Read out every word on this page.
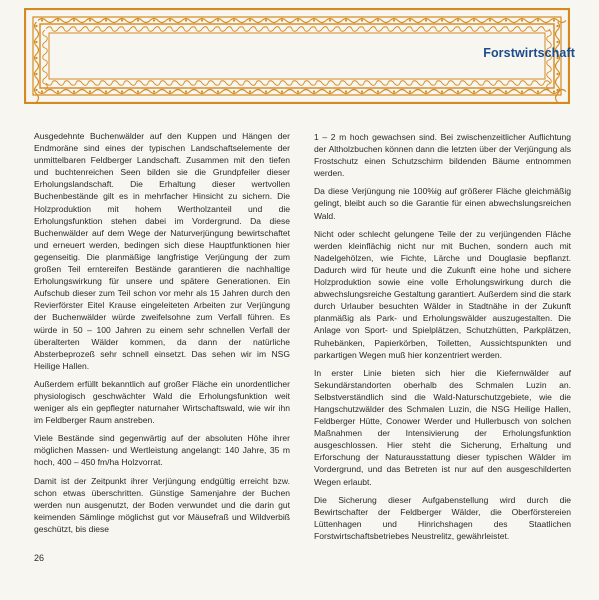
Forstwirtschaft

Ausgedehnte Buchenwälder auf den Kuppen und Hängen der Endmoräne sind eines der typischen Landschaftselemente der unmittelbaren Feldberger Landschaft. Zusammen mit den tiefen und buchtenreichen Seen bilden sie die Grundpfeiler dieser Erholungslandschaft. Die Erhaltung dieser wertvollen Buchenbestände gilt es in mehrfacher Hinsicht zu sichern. Die Holzproduktion mit hohem Wertholzanteil und die Erholungsfunktion stehen dabei im Vordergrund. Da diese Buchenwälder auf dem Wege der Naturverjüngung bewirtschaftet und erneuert werden, bedingen sich diese Hauptfunktionen hier gegenseitig. Die planmäßige langfristige Verjüngung der zum großen Teil erntereifen Bestände garantieren die nachhaltige Erholungswirkung für unsere und spätere Generationen. Ein Aufschub dieser zum Teil schon vor mehr als 15 Jahren durch den Revierförster Eitel Krause eingeleiteten Arbeiten zur Verjüngung der Buchenwälder würde zweifelsohne zum Verfall führen. Es würde in 50 – 100 Jahren zu einem sehr schnellen Verfall der überalterten Wälder kommen, da dann der natürliche Absterbeprozeß sehr schnell einsetzt. Das sehen wir im NSG Heilige Hallen.

Außerdem erfüllt bekanntlich auf großer Fläche ein unordentlicher physiologisch geschwächter Wald die Erholungsfunktion weit weniger als ein gepflegter naturnaher Wirtschaftswald, wie wir ihn im Feldberger Raum anstreben.

Viele Bestände sind gegenwärtig auf der absoluten Höhe ihrer möglichen Massen- und Wertleistung angelangt: 140 Jahre, 35 m hoch, 400 – 450 fm/ha Holzvorrat.

Damit ist der Zeitpunkt ihrer Verjüngung endgültig erreicht bzw. schon etwas überschritten. Günstige Samenjahre der Buchen werden nun ausgenutzt, der Boden verwundet und die darin gut keimenden Sämlinge möglichst gut vor Mäusefraß und Wildverbiß geschützt, bis diese

1 – 2 m hoch gewachsen sind. Bei zwischenzeitlicher Auflichtung der Altholzbuchen können dann die letzten über der Verjüngung als Frostschutz einen Schutzschirm bildenden Bäume entnommen werden.

Da diese Verjüngung nie 100%ig auf größerer Fläche gleichmäßig gelingt, bleibt auch so die Garantie für einen abwechslungsreichen Wald.

Nicht oder schlecht gelungene Teile der zu verjüngenden Fläche werden kleinflächig nicht nur mit Buchen, sondern auch mit Nadelgehölzen, wie Fichte, Lärche und Douglasie bepflanzt. Dadurch wird für heute und die Zukunft eine hohe und sichere Holzproduktion sowie eine volle Erholungswirkung durch die abwechslungsreiche Gestaltung garantiert. Außerdem sind die stark durch Urlauber besuchten Wälder in Stadtnähe in der Zukunft planmäßig als Park- und Erholungswälder auszugestalten. Die Anlage von Sport- und Spielplätzen, Schutzhütten, Parkplätzen, Ruhebänken, Papierkörben, Toiletten, Aussichtspunkten und parkartigen Wegen muß hier konzentriert werden.

In erster Linie bieten sich hier die Kiefernwälder auf Sekundärstandorten oberhalb des Schmalen Luzin an. Selbstverständlich sind die Wald-Naturschutzgebiete, wie die Hangschutzwälder des Schmalen Luzin, die NSG Heilige Hallen, Feldberger Hütte, Conower Werder und Hullerbusch von solchen Maßnahmen der Intensivierung der Erholungsfunktion ausgeschlossen. Hier steht die Sicherung, Erhaltung und Erforschung der Naturausstattung dieser typischen Wälder im Vordergrund, und das Betreten ist nur auf den ausgeschilderten Wegen erlaubt.

Die Sicherung dieser Aufgabenstellung wird durch die Bewirtschafter der Feldberger Wälder, die Oberförstereien Lüttenhagen und Hinrichshagen des Staatlichen Forstwirtschaftsbetriebes Neustrelitz, gewährleistet.

26
